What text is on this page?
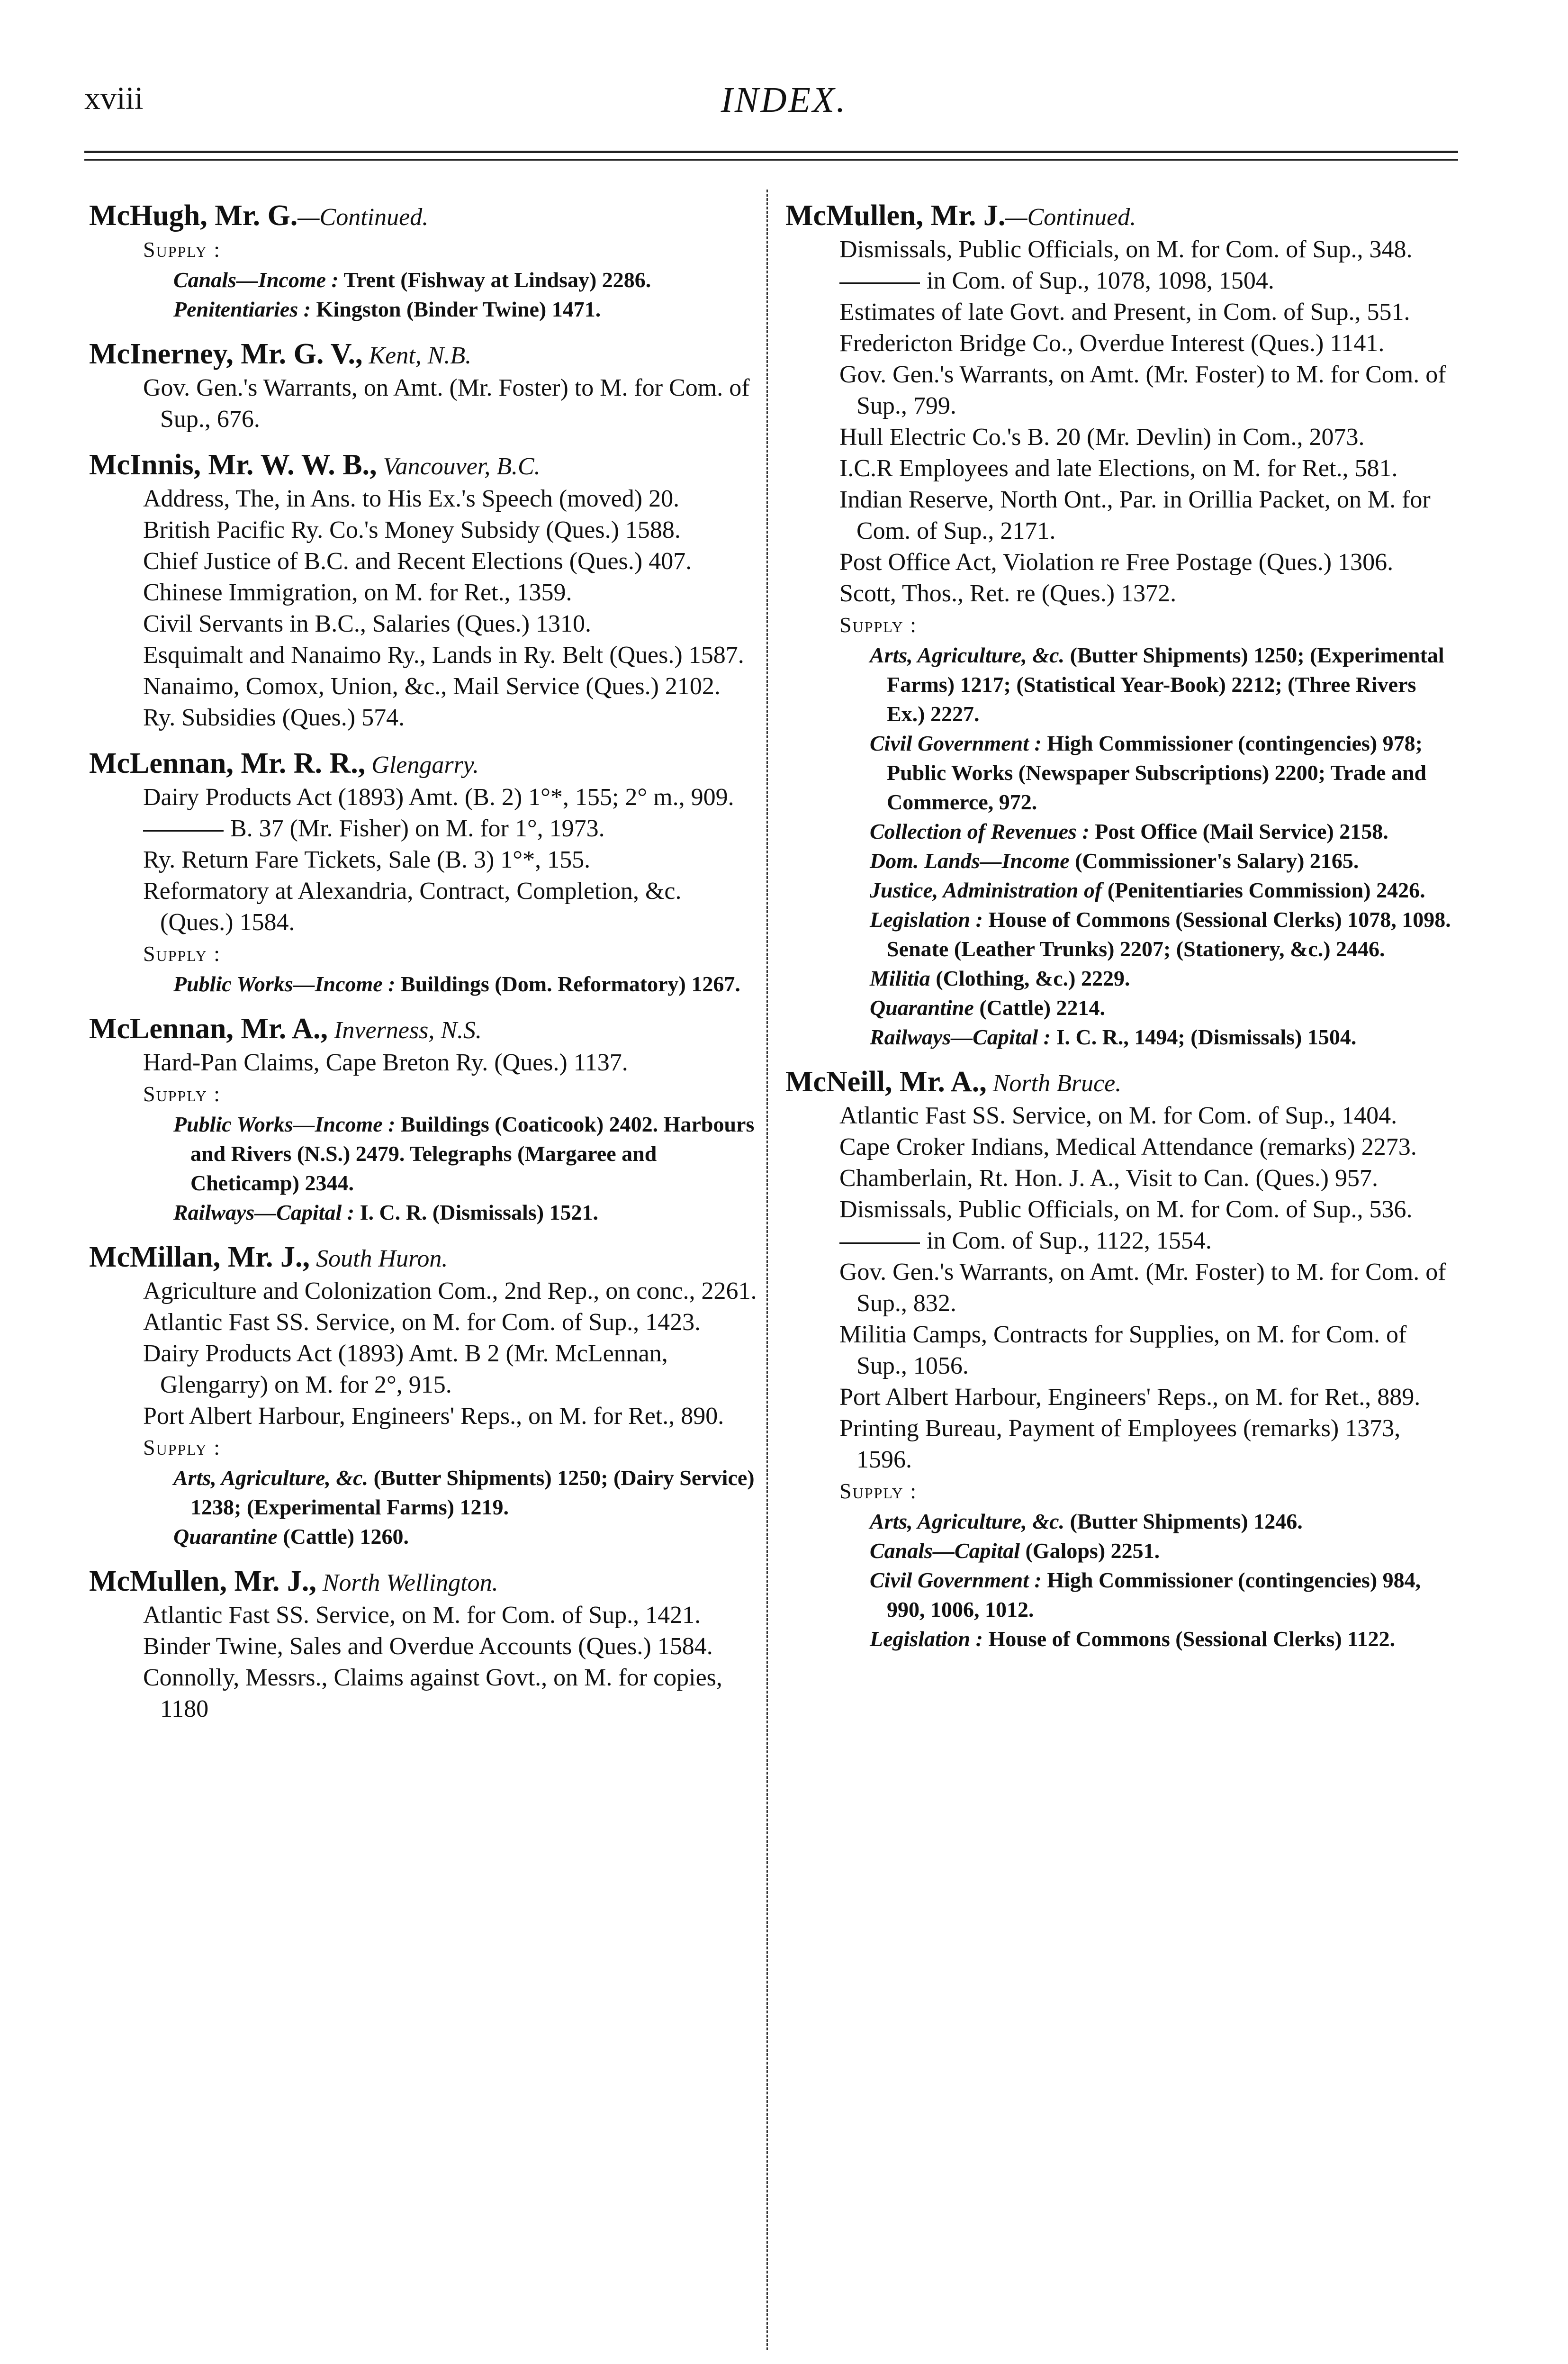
xviii	INDEX.
McHugh, Mr. G.—Continued.
Supply :
Canals—Income : Trent (Fishway at Lindsay) 2286.
Penitentiaries : Kingston (Binder Twine) 1471.
McInerney, Mr. G. V., Kent, N.B.
Gov. Gen.'s Warrants, on Amt. (Mr. Foster) to M. for Com. of Sup., 676.
McInnis, Mr. W. W. B., Vancouver, B.C.
Address, The, in Ans. to His Ex.'s Speech (moved) 20.
British Pacific Ry. Co.'s Money Subsidy (Ques.) 1588.
Chief Justice of B.C. and Recent Elections (Ques.) 407.
Chinese Immigration, on M. for Ret., 1359.
Civil Servants in B.C., Salaries (Ques.) 1310.
Esquimalt and Nanaimo Ry., Lands in Ry. Belt (Ques.) 1587.
Nanaimo, Comox, Union, &c., Mail Service (Ques.) 2102.
Ry. Subsidies (Ques.) 574.
McLennan, Mr. R. R., Glengarry.
Dairy Products Act (1893) Amt. (B. 2) 1°*, 155; 2° m., 909.
B. 37 (Mr. Fisher) on M. for 1°, 1973.
Ry. Return Fare Tickets, Sale (B. 3) 1°*, 155.
Reformatory at Alexandria, Contract, Completion, &c. (Ques.) 1584.
Supply :
Public Works—Income : Buildings (Dom. Reformatory) 1267.
McLennan, Mr. A., Inverness, N.S.
Hard-Pan Claims, Cape Breton Ry. (Ques.) 1137.
Supply :
Public Works—Income : Buildings (Coaticook) 2402. Harbours and Rivers (N.S.) 2479. Telegraphs (Margaree and Cheticamp) 2344.
Railways—Capital : I. C. R. (Dismissals) 1521.
McMillan, Mr. J., South Huron.
Agriculture and Colonization Com., 2nd Rep., on conc., 2261.
Atlantic Fast SS. Service, on M. for Com. of Sup., 1423.
Dairy Products Act (1893) Amt. B 2 (Mr. McLennan, Glengarry) on M. for 2°, 915.
Port Albert Harbour, Engineers' Reps., on M. for Ret., 890.
Supply :
Arts, Agriculture, &c. (Butter Shipments) 1250; (Dairy Service) 1238; (Experimental Farms) 1219.
Quarantine (Cattle) 1260.
McMullen, Mr. J., North Wellington.
Atlantic Fast SS. Service, on M. for Com. of Sup., 1421.
Binder Twine, Sales and Overdue Accounts (Ques.) 1584.
Connolly, Messrs., Claims against Govt., on M. for copies, 1180
McMullen, Mr. J.—Continued.
Dismissals, Public Officials, on M. for Com. of Sup., 348.
in Com. of Sup., 1078, 1098, 1504.
Estimates of late Govt. and Present, in Com. of Sup., 551.
Fredericton Bridge Co., Overdue Interest (Ques.) 1141.
Gov. Gen.'s Warrants, on Amt. (Mr. Foster) to M. for Com. of Sup., 799.
Hull Electric Co.'s B. 20 (Mr. Devlin) in Com., 2073.
I.C.R Employees and late Elections, on M. for Ret., 581.
Indian Reserve, North Ont., Par. in Orillia Packet, on M. for Com. of Sup., 2171.
Post Office Act, Violation re Free Postage (Ques.) 1306.
Scott, Thos., Ret. re (Ques.) 1372.
Supply :
Arts, Agriculture, &c. (Butter Shipments) 1250; (Experimental Farms) 1217; (Statistical Year-Book) 2212; (Three Rivers Ex.) 2227.
Civil Government : High Commissioner (contingencies) 978; Public Works (Newspaper Subscriptions) 2200; Trade and Commerce, 972.
Collection of Revenues : Post Office (Mail Service) 2158.
Dom. Lands—Income (Commissioner's Salary) 2165.
Justice, Administration of (Penitentiaries Commission) 2426.
Legislation : House of Commons (Sessional Clerks) 1078, 1098. Senate (Leather Trunks) 2207; (Stationery, &c.) 2446.
Militia (Clothing, &c.) 2229.
Quarantine (Cattle) 2214.
Railways—Capital : I. C. R., 1494; (Dismissals) 1504.
McNeill, Mr. A., North Bruce.
Atlantic Fast SS. Service, on M. for Com. of Sup., 1404.
Cape Croker Indians, Medical Attendance (remarks) 2273.
Chamberlain, Rt. Hon. J. A., Visit to Can. (Ques.) 957.
Dismissals, Public Officials, on M. for Com. of Sup., 536.
in Com. of Sup., 1122, 1554.
Gov. Gen.'s Warrants, on Amt. (Mr. Foster) to M. for Com. of Sup., 832.
Militia Camps, Contracts for Supplies, on M. for Com. of Sup., 1056.
Port Albert Harbour, Engineers' Reps., on M. for Ret., 889.
Printing Bureau, Payment of Employees (remarks) 1373, 1596.
Supply :
Arts, Agriculture, &c. (Butter Shipments) 1246.
Canals—Capital (Galops) 2251.
Civil Government : High Commissioner (contingencies) 984, 990, 1006, 1012.
Legislation : House of Commons (Sessional Clerks) 1122.
